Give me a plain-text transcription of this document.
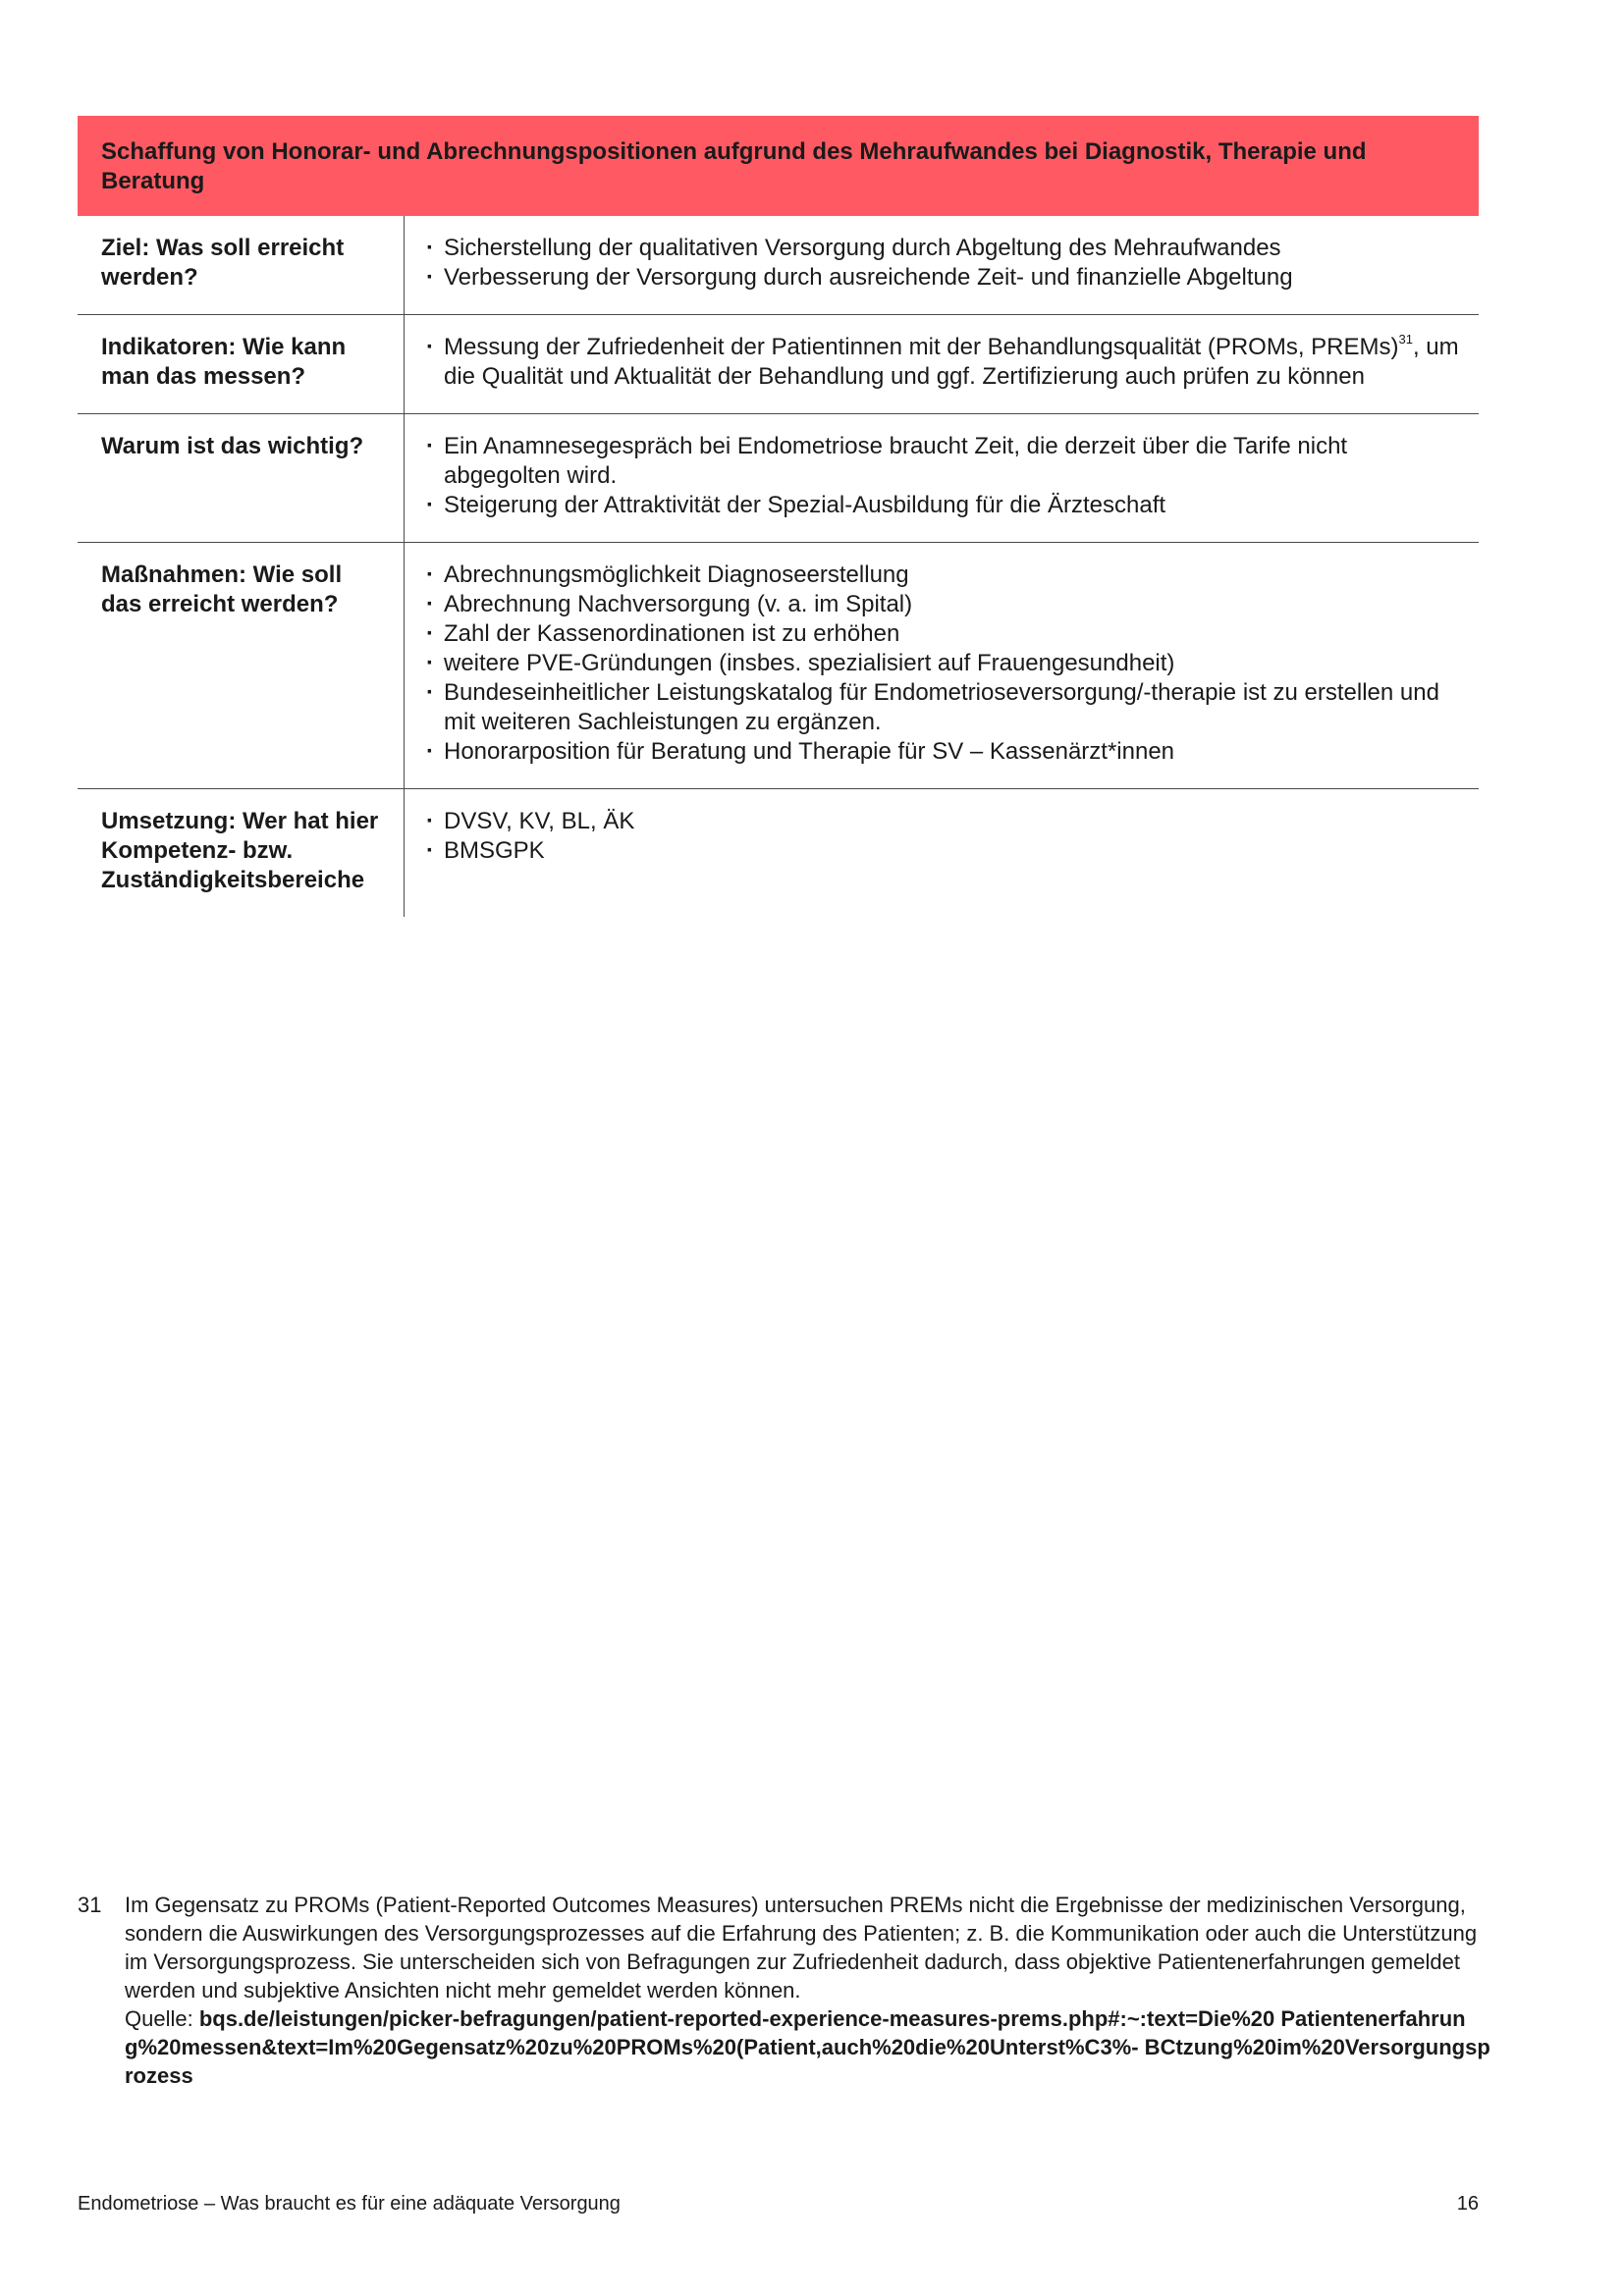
Schaffung von Honorar- und Abrechnungspositionen aufgrund des Mehraufwandes bei Diagnostik, Therapie und Beratung
Ziel: Was soll erreicht werden?
· Sicherstellung der qualitativen Versorgung durch Abgeltung des Mehraufwandes
· Verbesserung der Versorgung durch ausreichende Zeit- und finanzielle Abgeltung
Indikatoren: Wie kann man das messen?
· Messung der Zufriedenheit der Patientinnen mit der Behandlungsqualität (PROMs, PREMs)$^{31}$, um die Qualität und Aktualität der Behandlung und ggf. Zertifizierung auch prüfen zu können
Warum ist das wichtig?
·	Ein Anamnesegespräch bei Endometriose braucht Zeit, die derzeit über die Tarife nicht abgegolten wird.
· Steigerung der Attraktivität der Spezial-Ausbildung für die Ärzteschaft
Maßnahmen: Wie soll das erreicht werden?
· Abrechnungsmöglichkeit Diagnoseerstellung
· Abrechnung Nachversorgung (v. a. im Spital)
· Zahl der Kassenordinationen ist zu erhöhen
· weitere PVE-Gründungen (insbes. spezialisiert auf Frauengesundheit)
· Bundeseinheitlicher Leistungskatalog für Endometrioseversorgung/-therapie ist zu erstellen und mit weiteren Sachleistungen zu ergänzen.
· Honorarposition für Beratung und Therapie für SV – Kassenärzt*innen
Umsetzung: Wer hat hier Kompetenz- bzw. Zuständigkeitsbereiche
· DVSV, KV, BL, ÄK
· BMSGPK
31	Im Gegensatz zu PROMs (Patient-Reported Outcomes Measures) untersuchen PREMs nicht die Ergebnisse der medizinischen Versorgung, sondern die Auswirkungen des Versorgungsprozesses auf die Erfahrung des Patienten; z. B. die Kommunikation oder auch die Unterstützung im Versorgungsprozess. Sie unterscheiden sich von Befragungen zur Zufriedenheit dadurch, dass objektive Patientenerfahrungen gemeldet werden und subjektive Ansichten nicht mehr gemeldet werden können.
Quelle: bqs.de/leistungen/picker-befragungen/patient-reported-experience-measures-prems.php#:~:text=Die%20 Patientenerfahrung%20messen&text=Im%20Gegensatz%20zu%20PROMs%20(Patient,auch%20die%20Unterst%C3%- BCtzung%20im%20Versorgungsprozess
Endometriose – Was braucht es für eine adäquate Versorgung	16
